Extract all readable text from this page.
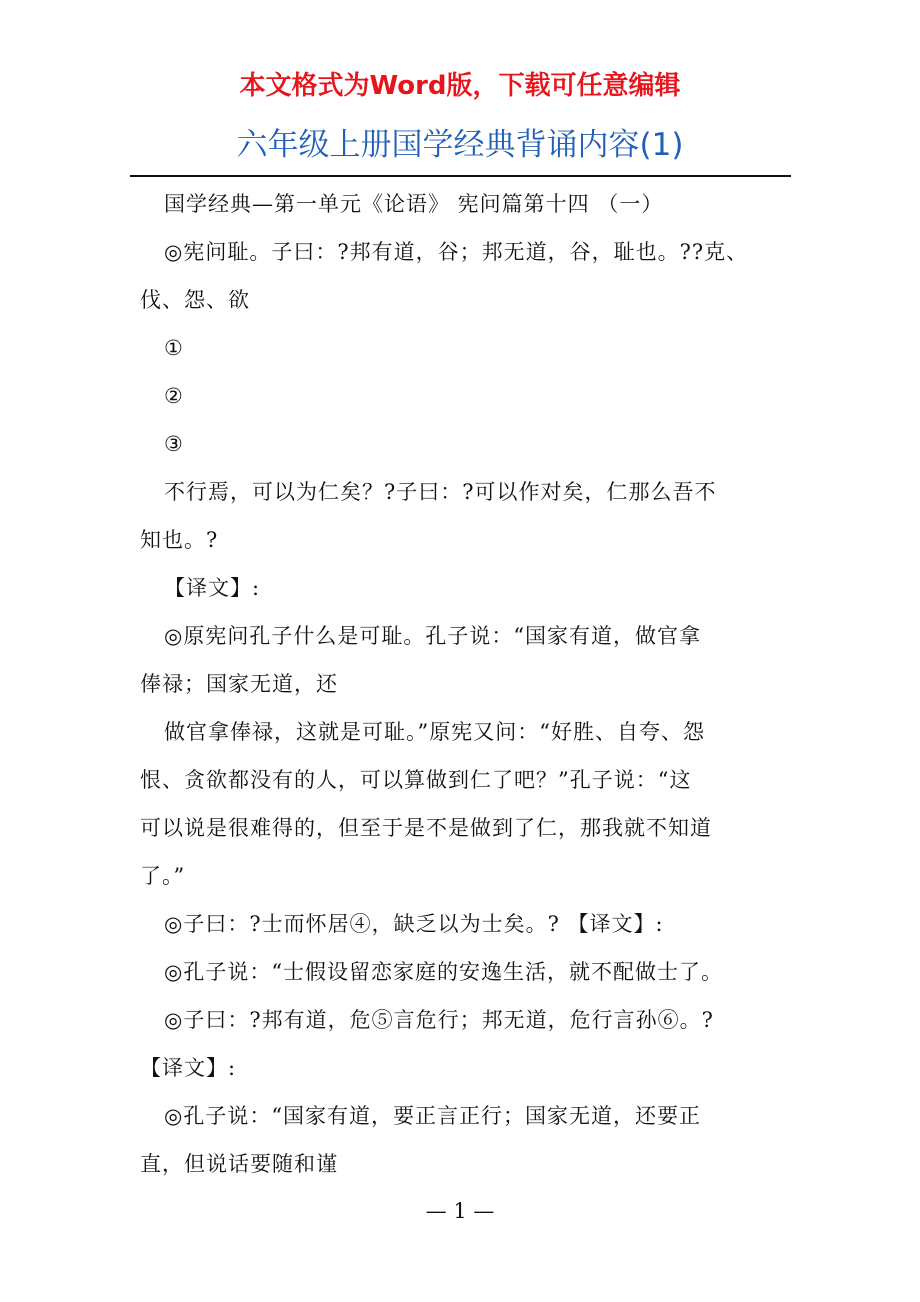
本文格式为Word版，下载可任意编辑
六年级上册国学经典背诵内容(1)

国学经典—第一单元《论语》 宪问篇第十四 （一）

◎宪问耻。子曰：?邦有道，谷；邦无道，谷，耻也。??克、

伐、怨、欲

①

②

③

不行焉，可以为仁矣？?子曰：?可以作对矣，仁那么吾不

知也。?

【译文】:

◎原宪问孔子什么是可耻。孔子说：“国家有道，做官拿

俸禄；国家无道，还

做官拿俸禄，这就是可耻。”原宪又问：“好胜、自夸、怨

恨、贪欲都没有的人，可以算做到仁了吧？”孔子说：“这

可以说是很难得的，但至于是不是做到了仁，那我就不知道

了。”

◎子曰：?士而怀居④，缺乏以为士矣。? 【译文】:

◎孔子说：“士假设留恋家庭的安逸生活，就不配做士了。

◎子曰：?邦有道，危⑤言危行；邦无道，危行言孙⑥。?

【译文】:

◎孔子说：“国家有道，要正言正行；国家无道，还要正

直，但说话要随和谨

— 1 —
